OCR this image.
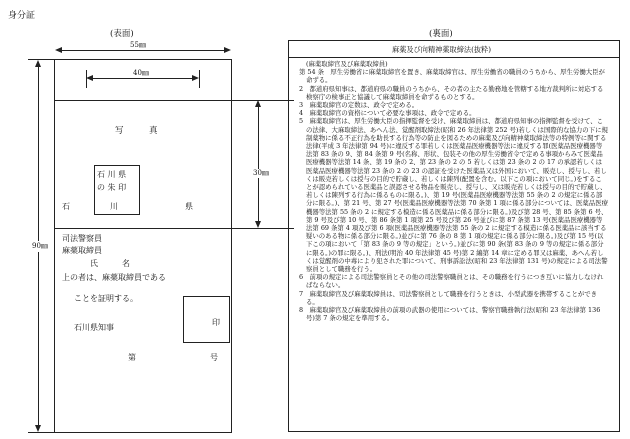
身分証
(表面)	(裏面)
55㎜
40㎜
写　　　真
石 川 県
の 朱 印
石	川	県
30㎜
90㎜
司法警察員
麻薬取締員
氏　　　名
上の者は、麻薬取締員である
ことを証明する。
石川県知事
印
第	号
麻薬及び向精神薬取締法(抜粋)
(麻薬取締官及び麻薬取締員)
第 54 条　厚生労働省に麻薬取締官を置き、麻薬取締官は、厚生労働省の職員のうちから、厚生労働大臣が命ずる。
2　都道府県知事は、都道府県の職員のうちから、その者の主たる勤務地を管轄する地方裁判所に対応する検察庁の検事正と協議して麻薬取締員を命ずるものとする。
3　麻薬取締官の定数は、政令で定める。
4　麻薬取締官の資格について必要な事項は、政令で定める。
5　麻薬取締官は、厚生労働大臣の指揮監督を受け、麻薬取締員は、都道府県知事の指揮監督を受けて、この法律、大麻取締法、あへん法、覚醒剤取締法(昭和 26 年法律第 252 号)若しくは国際的な協力の下に規制薬物に係る不正行為を助長する行為等の防止を図るための麻薬及び向精神薬取締法等の特例等に関する法律(平成 3 年法律第 94 号)に違反する罪若しくは医薬品医療機器等法に違反する罪(医薬品医療機器等法第 83 条の 9、第 84 条第 9 号(名称、形状、包装その他の厚生労働省令で定める事項からみて医薬品医療機器等法第 14 条、第 19 条の 2、第 23 条の 2 の 5 若しくは第 23 条の 2 の 17 の承認若しくは医薬品医療機器等法第 23 条の 2 の 23 の認証を受けた医薬品又は外国において、販売し、授与し、若しくは販売若しくは授与の目的で貯蔵し、若しくは陳列(配置を含む。以下この項において同じ。)をすることが認められている医薬品と誤認させる物品を販売し、授与し、又は販売若しくは授与の目的で貯蔵し、若しくは陳列する行為に係るものに限る。)、第 19 号(医薬品医療機器等法第 55 条の 2 の規定に係る部分に限る。)、第 21 号、第 27 号(医薬品医療機器等法第 70 条第 1 項に係る部分については、医薬品医療機器等法第 55 条の 2 に規定する模造に係る医薬品に係る部分に限る。)及び第 28 号、第 85 条第 6 号、第 9 号及び第 10 号、第 86 条第 1 項第 25 号及び第 26 号並びに第 87 条第 13 号(医薬品医療機器等法第 69 条第 4 項及び第 6 項(医薬品医療機器等法第 55 条の 2 に規定する模造に係る医薬品に該当する疑いのある物に係る部分に限る。)並びに第 76 条の 8 第 1 項の規定に係る部分に限る。)及び第 15 号(以下この項において「第 83 条の 9 等の規定」という。)並びに第 90 条(第 83 条の 9 等の規定に係る部分に限る。)の罪に限る。)、刑法(明治 40 年法律第 45 号)第 2 編第 14 章に定める罪又は麻薬、あへん若しくは覚醒剤の中毒により犯された罪について、刑事訴訟法(昭和 23 年法律第 131 号)の規定による司法警察員として職務を行う。
6　前項の規定による司法警察員とその他の司法警察職員とは、その職務を行うにつき互いに協力しなければならない。
7　麻薬取締官及び麻薬取締員は、司法警察員として職務を行うときは、小型武器を携帯することができる。
8　麻薬取締官及び麻薬取締員の前項の武器の使用については、警察官職務執行法(昭和 23 年法律第 136 号)第 7 条の規定を準用する。
